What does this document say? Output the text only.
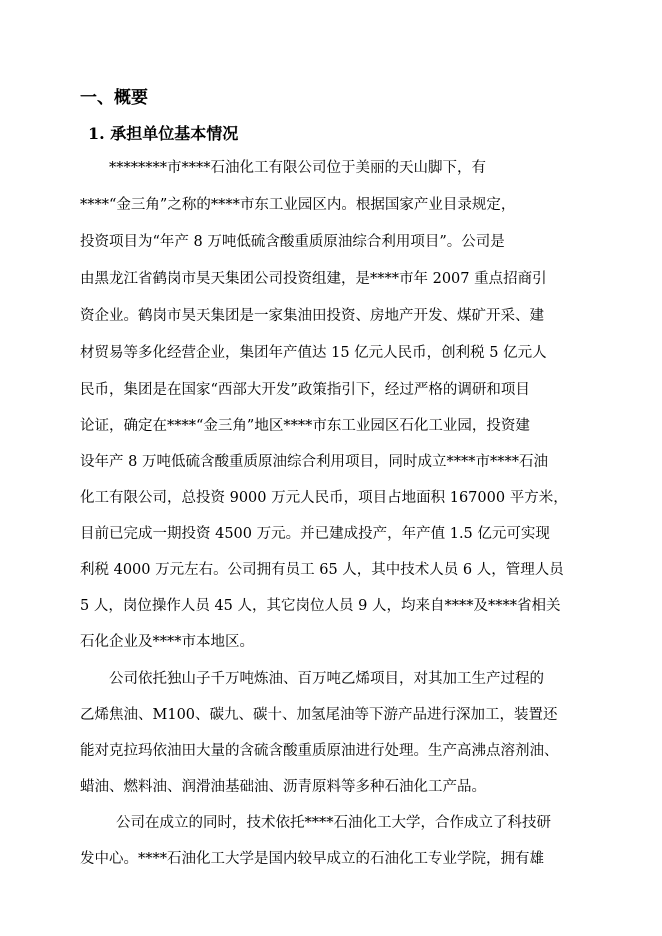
一、概要
1. 承担单位基本情况
********市****石油化工有限公司位于美丽的天山脚下，有
****“金三角”之称的****市东工业园区内。根据国家产业目录规定，
投资项目为“年产 8 万吨低硫含酸重质原油综合利用项目”。公司是
由黑龙江省鹤岗市昊天集团公司投资组建，是****市年 2007 重点招商引
资企业。鹤岗市昊天集团是一家集油田投资、房地产开发、煤矿开采、建
材贸易等多化经营企业，集团年产值达 15 亿元人民币，创利税 5 亿元人
民币，集团是在国家“西部大开发”政策指引下，经过严格的调研和项目
论证，确定在****“金三角”地区****市东工业园区石化工业园，投资建
设年产 8 万吨低硫含酸重质原油综合利用项目，同时成立****市****石油
化工有限公司，总投资 9000 万元人民币，项目占地面积 167000 平方米，
目前已完成一期投资 4500 万元。并已建成投产，年产值 1.5 亿元可实现
利税 4000 万元左右。公司拥有员工 65 人，其中技术人员 6 人，管理人员
5 人，岗位操作人员 45 人，其它岗位人员 9 人，均来自****及****省相关
石化企业及****市本地区。
公司依托独山子千万吨炼油、百万吨乙烯项目，对其加工生产过程的
乙烯焦油、M100、碳九、碳十、加氢尾油等下游产品进行深加工，装置还
能对克拉玛依油田大量的含硫含酸重质原油进行处理。生产高沸点溶剂油、
蜡油、燃料油、润滑油基础油、沥青原料等多种石油化工产品。
公司在成立的同时，技术依托****石油化工大学，合作成立了科技研
发中心。****石油化工大学是国内较早成立的石油化工专业学院，拥有雄
